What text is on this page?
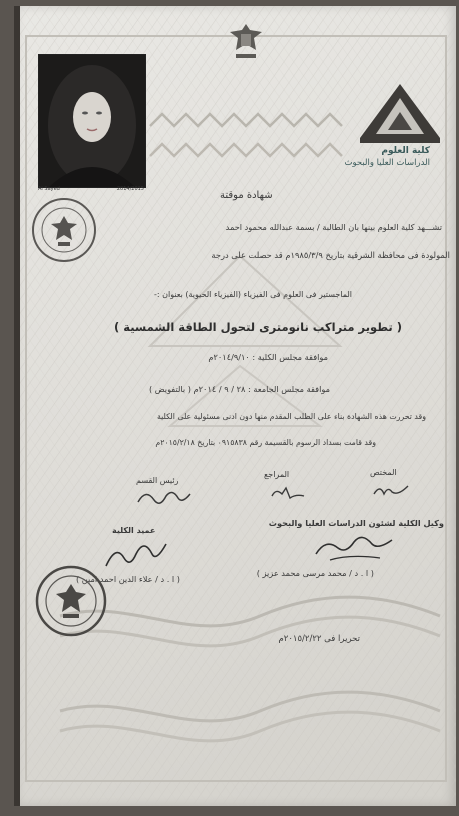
Al Sayed	2014/2015
كلية العلوم
الدراسات العليا والبحوث
شهادة موقتة
تشـــهد كلية العلوم بينها بان الطالبة / بسمة عبدالله محمود احمد
المولودة فى محافظة الشرقية بتاريخ ١٩٨٥/٣/٩م قد حصلت على درجة
الماجستير فى العلوم فى الفيزياء (الفيزياء الحيوية) بعنوان :-
( تطوير متراكب نانومترى لتحول الطاقة الشمسية )
موافقة مجلس الكلية : ٢٠١٤/٩/١٠م
موافقة مجلس الجامعة : ٢٨ / ٩ / ٢٠١٤م ( بالتفويض )
وقد تحررت هذه الشهادة بناء على الطلب المقدم منها دون ادنى مسئولية على الكلية
وقد قامت بسداد الرسوم بالقسيمة رقم ٠٩١٥٨٣٨ بتاريخ ٢٠١٥/٢/١٨م
المختص
المراجع
رئيس القسم
وكيل الكلية لشئون الدراسات العليا والبحوث
( ا . د / محمد مرسى محمد عزيز )
عميد الكلية
( ا . د / علاء الدين احمد امين )
تحريرا فى ٢٠١٥/٢/٢٢م
